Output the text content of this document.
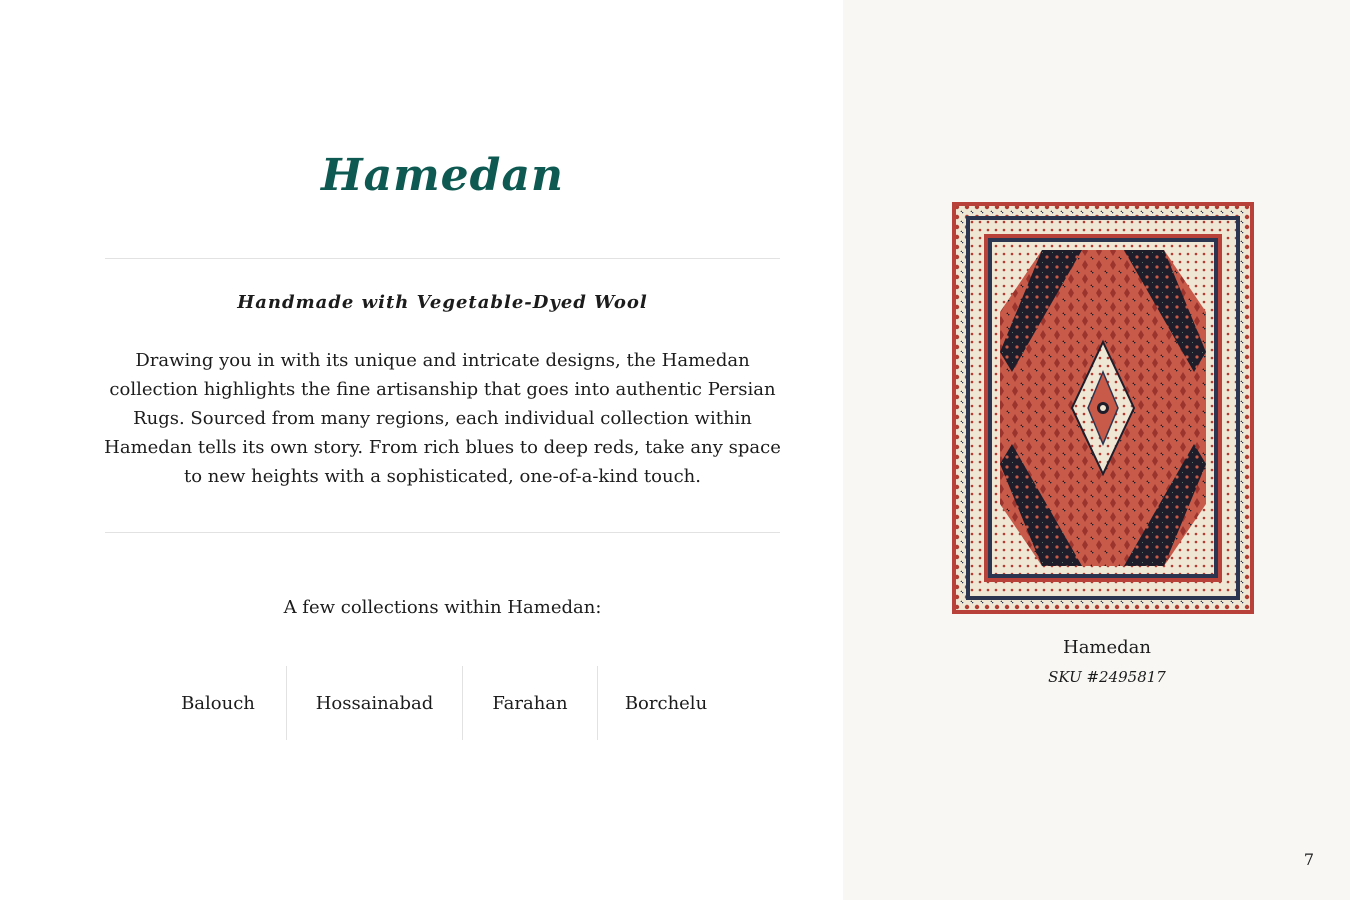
Hamedan
Handmade with Vegetable-Dyed Wool
Drawing you in with its unique and intricate designs, the Hamedan
collection highlights the fine artisanship that goes into authentic Persian
Rugs. Sourced from many regions, each individual collection within
Hamedan tells its own story. From rich blues to deep reds, take any space
to new heights with a sophisticated, one-of-a-kind touch.
A few collections within Hamedan:
Balouch	Hossainabad	Farahan	Borchelu
Hamedan
SKU #2495817
7
